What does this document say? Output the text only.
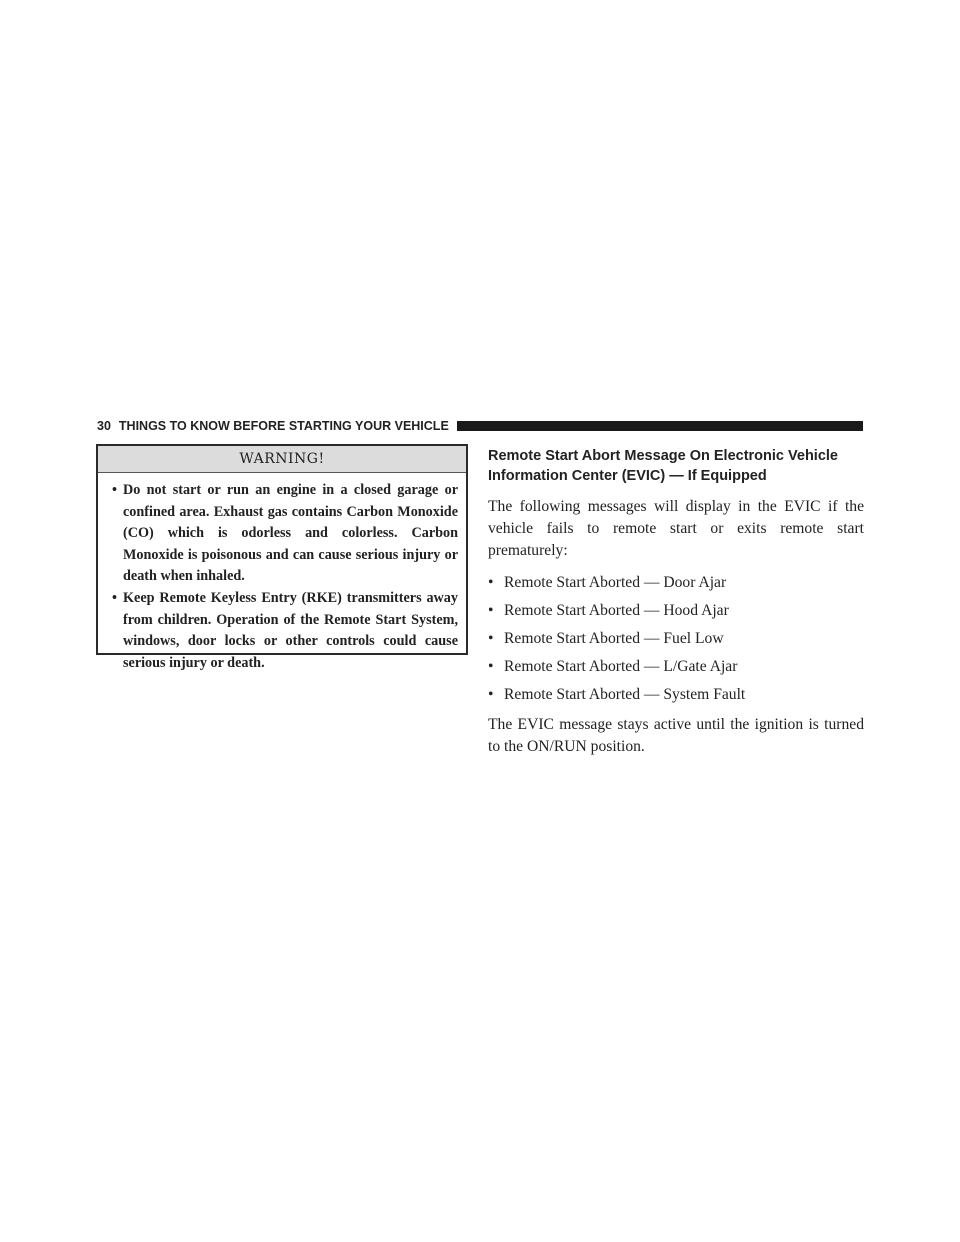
30 THINGS TO KNOW BEFORE STARTING YOUR VEHICLE
WARNING!
• Do not start or run an engine in a closed garage or confined area. Exhaust gas contains Carbon Monoxide (CO) which is odorless and colorless. Carbon Monoxide is poisonous and can cause serious injury or death when inhaled.
• Keep Remote Keyless Entry (RKE) transmitters away from children. Operation of the Remote Start System, windows, door locks or other controls could cause serious injury or death.
Remote Start Abort Message On Electronic Vehicle Information Center (EVIC) — If Equipped

The following messages will display in the EVIC if the vehicle fails to remote start or exits remote start prematurely:

• Remote Start Aborted — Door Ajar
• Remote Start Aborted — Hood Ajar
• Remote Start Aborted — Fuel Low
• Remote Start Aborted — L/Gate Ajar
• Remote Start Aborted — System Fault

The EVIC message stays active until the ignition is turned to the ON/RUN position.
